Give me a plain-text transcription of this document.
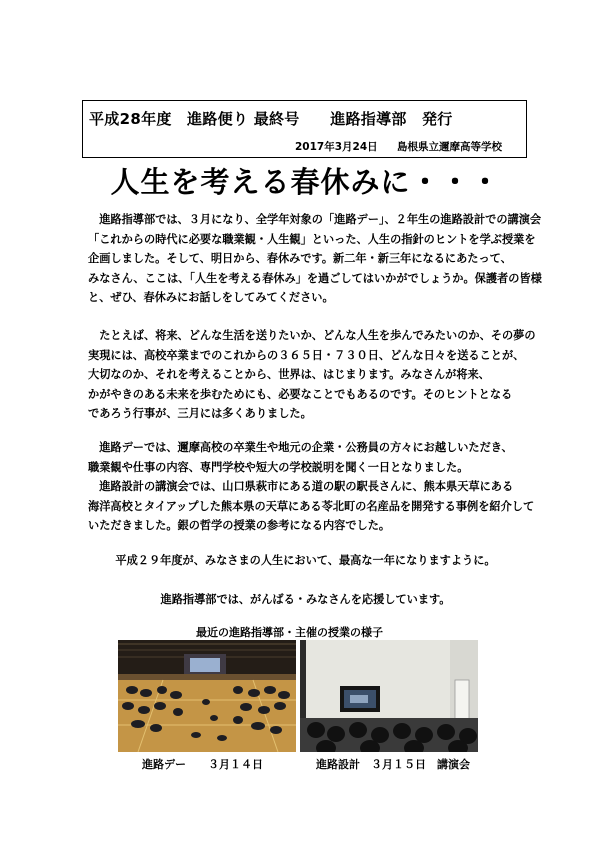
平成28年度　進路便り 最終号　　進路指導部　発行
2017年3月24日 島根県立邇摩高等学校
人生を考える春休みに・・・
　進路指導部では、３月になり、全学年対象の「進路デー」、２年生の進路設計での講演会
「これからの時代に必要な職業観・人生観」といった、人生の指針のヒントを学ぶ授業を
企画しました。そして、明日から、春休みです。新二年・新三年になるにあたって、
みなさん、ここは、「人生を考える春休み」を過ごしてはいかがでしょうか。保護者の皆様
と、ぜひ、春休みにお話しをしてみてください。
　たとえば、将来、どんな生活を送りたいか、どんな人生を歩んでみたいのか、その夢の
実現には、高校卒業までのこれからの３６５日・７３０日、どんな日々を送ることが、
大切なのか、それを考えることから、世界は、はじまります。みなさんが将来、
かがやきのある未来を歩むためにも、必要なことでもあるのです。そのヒントとなる
であろう行事が、三月には多くありました。
　進路デーでは、邇摩高校の卒業生や地元の企業・公務員の方々にお越しいただき、
職業観や仕事の内容、専門学校や短大の学校説明を聞く一日となりました。
　進路設計の講演会では、山口県萩市にある道の駅の駅長さんに、熊本県天草にある
海洋高校とタイアップした熊本県の天草にある苓北町の名産品を開発する事例を紹介して
いただきました。銀の哲学の授業の参考になる内容でした。
平成２９年度が、みなさまの人生において、最高な一年になりますように。
進路指導部では、がんばる・みなさんを応援しています。
最近の進路指導部・主催の授業の様子
進路デー　　３月１４日	進路設計　３月１５日　講演会
